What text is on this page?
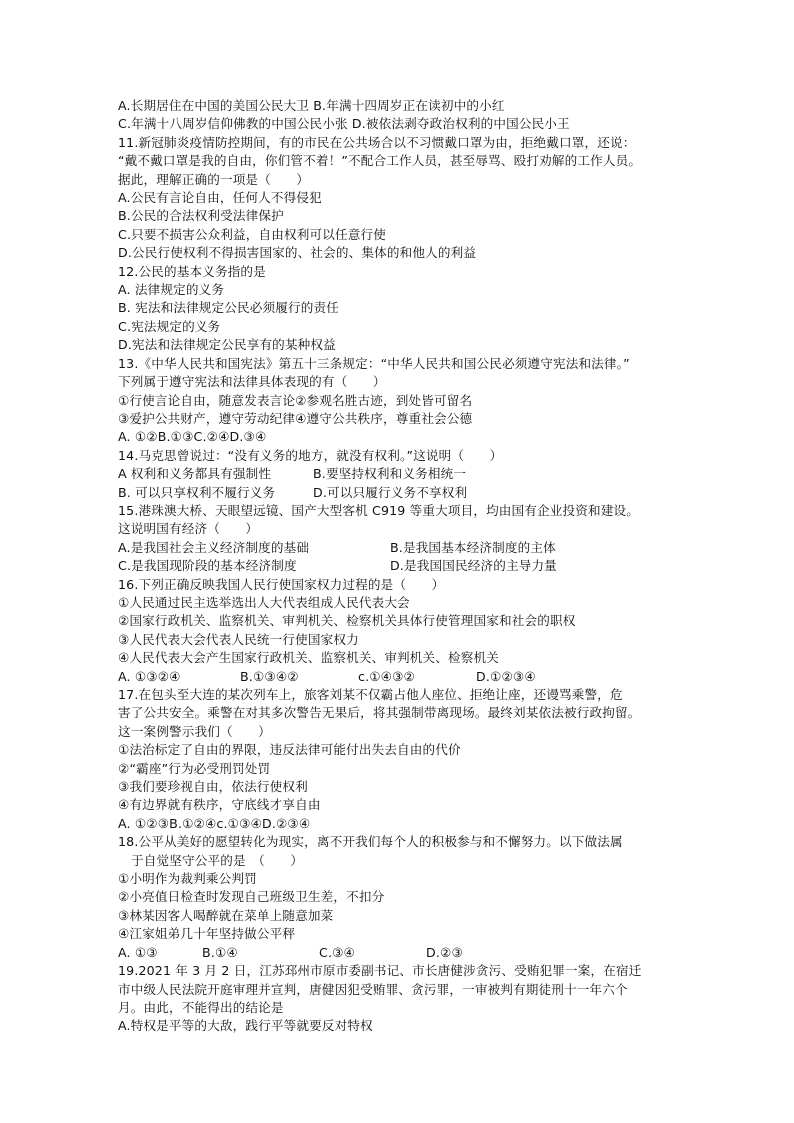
A.长期居住在中国的美国公民大卫 B.年满十四周岁正在读初中的小红
C.年满十八周岁信仰佛教的中国公民小张 D.被依法剥夺政治权利的中国公民小王
11.新冠肺炎疫情防控期间，有的市民在公共场合以不习惯戴口罩为由，拒绝戴口罩，还说：
“戴不戴口罩是我的自由，你们管不着！”不配合工作人员，甚至辱骂、殴打劝解的工作人员。
据此，理解正确的一项是（　　）
A.公民有言论自由，任何人不得侵犯
B.公民的合法权利受法律保护
C.只要不损害公众利益，自由权利可以任意行使
D.公民行使权利不得损害国家的、社会的、集体的和他人的利益
12.公民的基本义务指的是
A. 法律规定的义务
B. 宪法和法律规定公民必须履行的责任
C.宪法规定的义务
D.宪法和法律规定公民享有的某种权益
13.《中华人民共和国宪法》第五十三条规定：“中华人民共和国公民必须遵守宪法和法律。”
下列属于遵守宪法和法律具体表现的有（　　）
①行使言论自由，随意发表言论②参观名胜古迹，到处皆可留名
③爱护公共财产，遵守劳动纪律④遵守公共秩序，尊重社会公德
A. ①②B.①③C.②④D.③④
14.马克思曾说过：“没有义务的地方，就没有权利。”这说明（　　）
A 权利和义务都具有强制性	B.要坚持权利和义务相统一
B. 可以只享权利不履行义务	D.可以只履行义务不享权利
15.港珠澳大桥、天眼望远镜、国产大型客机 C919 等重大项目，均由国有企业投资和建设。
这说明国有经济（　　）
A.是我国社会主义经济制度的基础	B.是我国基本经济制度的主体
C.是我国现阶段的基本经济制度	D.是我国国民经济的主导力量
16.下列正确反映我国人民行使国家权力过程的是（　　）
①人民通过民主选举选出人大代表组成人民代表大会
②国家行政机关、监察机关、审判机关、检察机关具体行使管理国家和社会的职权
③人民代表大会代表人民统一行使国家权力
④人民代表大会产生国家行政机关、监察机关、审判机关、检察机关
A. ①③②④	B.①③④②	c.①④③②	D.①②③④
17.在包头至大连的某次列车上，旅客刘某不仅霸占他人座位、拒绝让座，还谩骂乘警，危
害了公共安全。乘警在对其多次警告无果后，将其强制带离现场。最终刘某依法被行政拘留。
这一案例警示我们（　　）
①法治标定了自由的界限，违反法律可能付出失去自由的代价
②“霸座”行为必受刑罚处罚
③我们要珍视自由，依法行使权利
④有边界就有秩序，守底线才享自由
A. ①②③B.①②④c.①③④D.②③④
18.公平从美好的愿望转化为现实，离不开我们每个人的积极参与和不懈努力。以下做法属
于自觉坚守公平的是　（　　）
①小明作为裁判乘公判罚
②小亮值日检查时发现自己班级卫生差，不扣分
③林某因客人喝醉就在菜单上随意加菜
④江家姐弟几十年坚持做公平秤
A. ①③	B.①④	C.③④	D.②③
19.2021 年 3 月 2 日，江苏邳州市原市委副书记、市长唐健涉贪污、受贿犯罪一案，在宿迁
市中级人民法院开庭审理并宣判，唐健因犯受贿罪、贪污罪，一审被判有期徒刑十一年六个
月。由此，不能得出的结论是
A.特权是平等的大敌，践行平等就要反对特权
